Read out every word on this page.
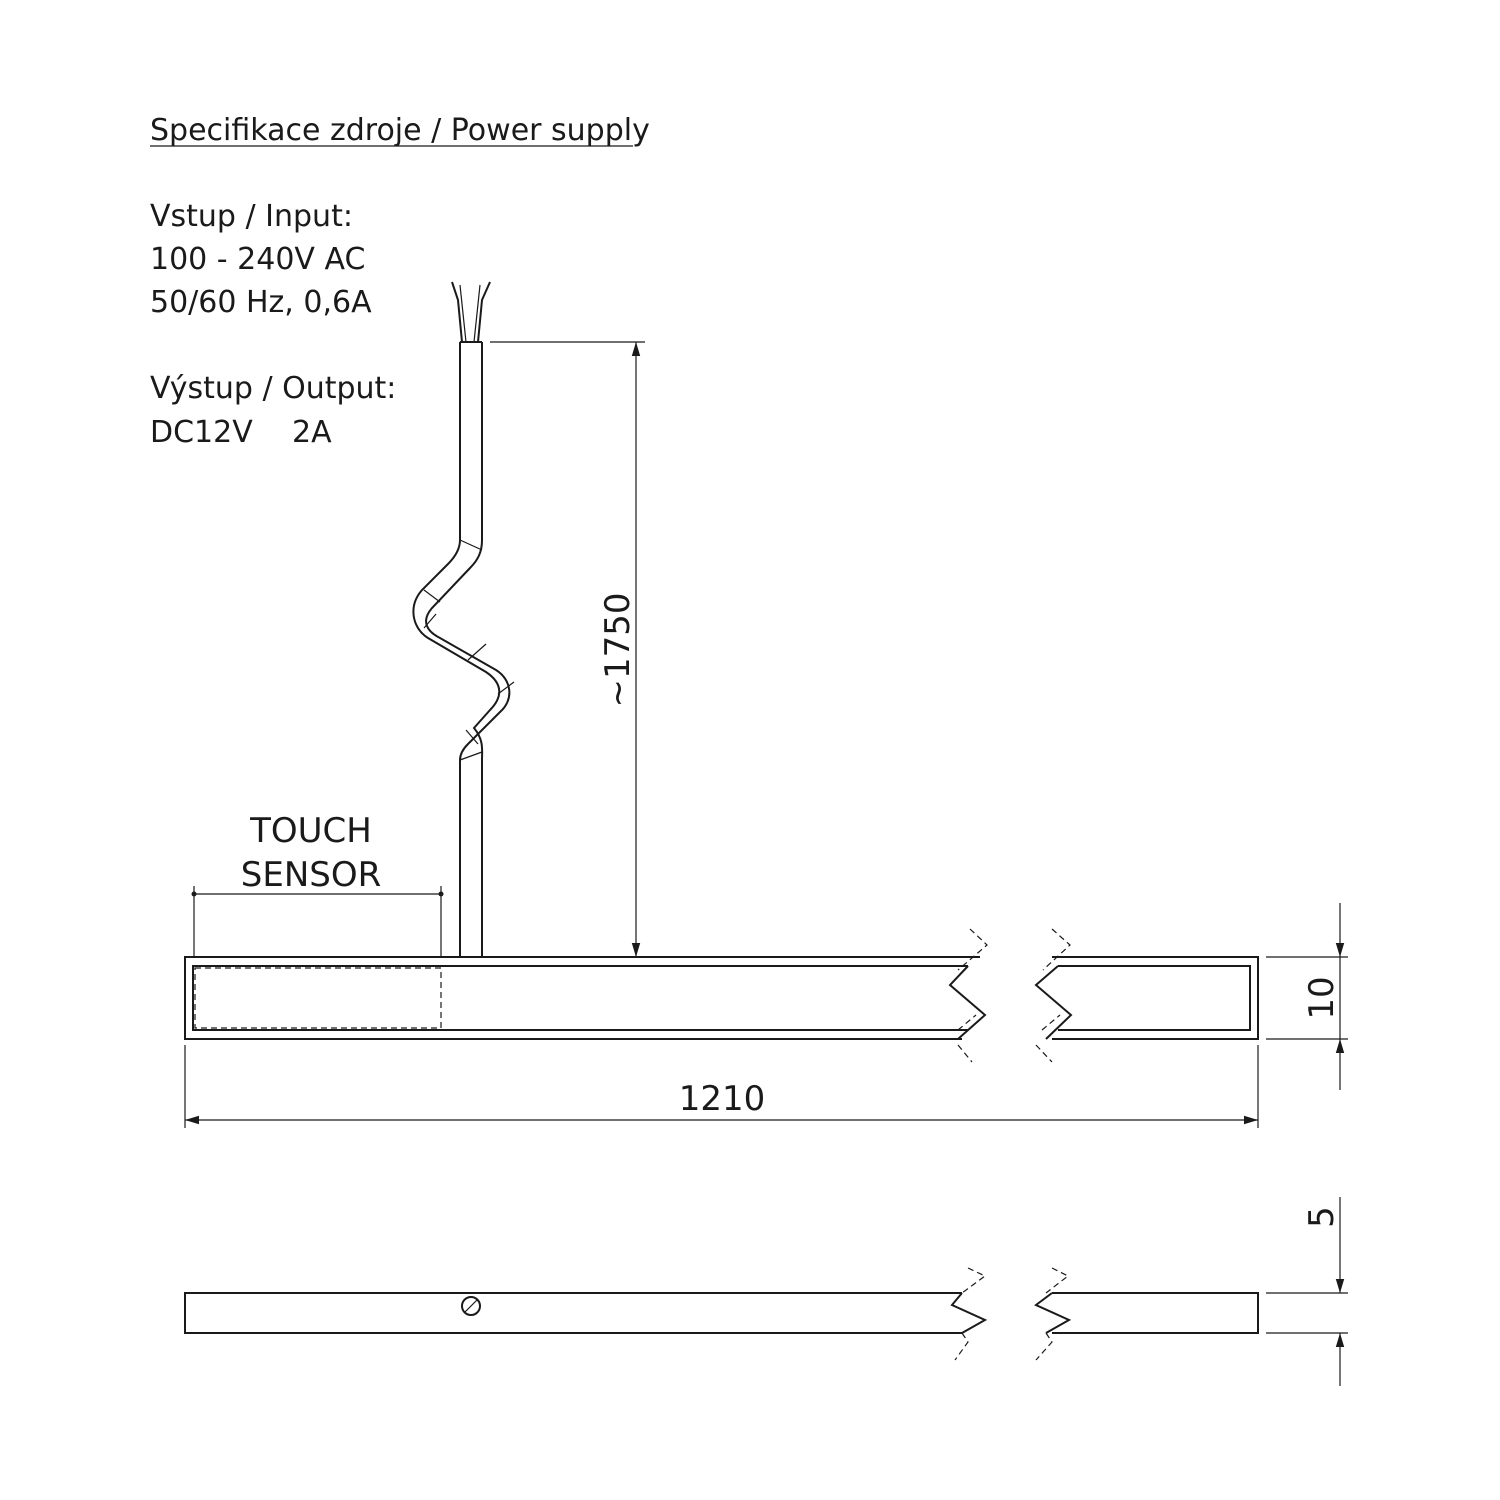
Specifikace zdroje / Power supply
Vstup / Input:
100 - 240V AC
50/60 Hz, 0,6A
Výstup / Output:
DC12V 2A
~1750
TOUCH
SENSOR
1210
10
5
